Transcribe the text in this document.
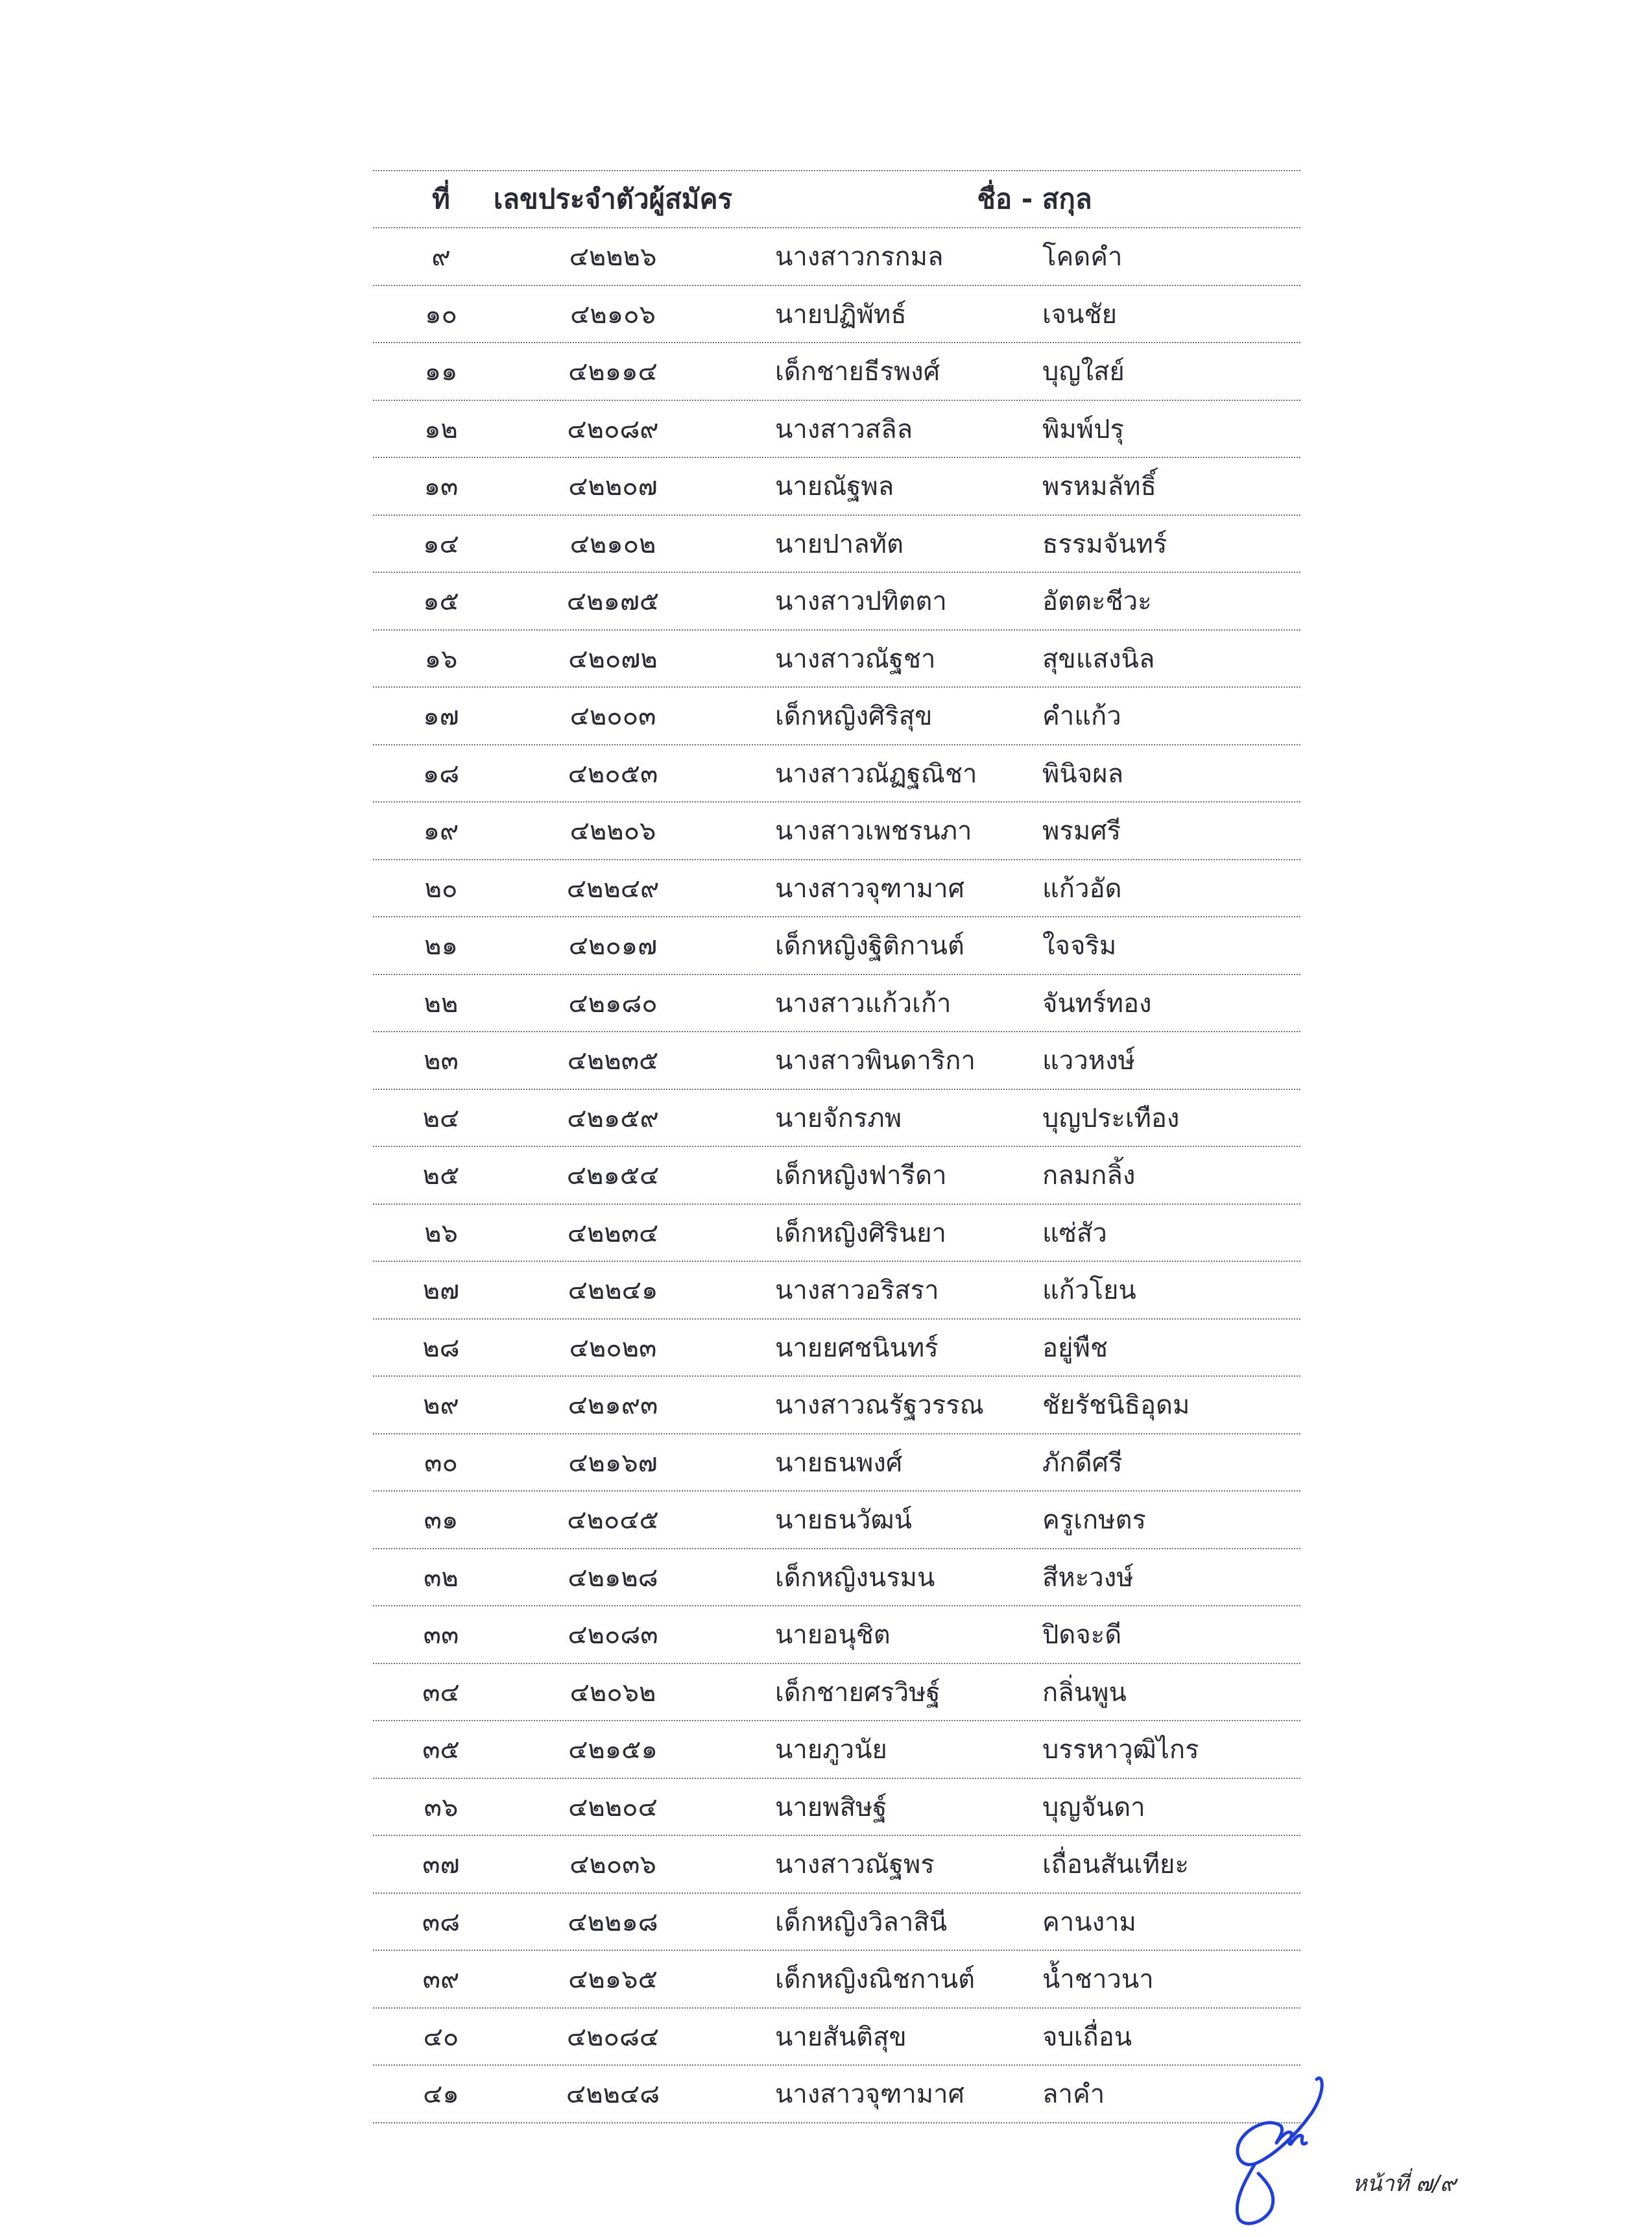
ที่	เลขประจำตัวผู้สมัคร	ชื่อ - สกุล
๙	๔๒๒๒๖	นางสาวกรกมล	โคดคำ
๑๐	๔๒๑๐๖	นายปฏิพัทธ์	เจนชัย
๑๑	๔๒๑๑๔	เด็กชายธีรพงศ์	บุญใสย์
๑๒	๔๒๐๘๙	นางสาวสลิล	พิมพ์ปรุ
๑๓	๔๒๒๐๗	นายณัฐพล	พรหมลัทธิ์
๑๔	๔๒๑๐๒	นายปาลทัต	ธรรมจันทร์
๑๕	๔๒๑๗๕	นางสาวปทิตตา	อัตตะชีวะ
๑๖	๔๒๐๗๒	นางสาวณัฐชา	สุขแสงนิล
๑๗	๔๒๐๐๓	เด็กหญิงศิริสุข	คำแก้ว
๑๘	๔๒๐๕๓	นางสาวณัฏฐณิชา	พินิจผล
๑๙	๔๒๒๐๖	นางสาวเพชรนภา	พรมศรี
๒๐	๔๒๒๔๙	นางสาวจุฑามาศ	แก้วอัด
๒๑	๔๒๐๑๗	เด็กหญิงฐิติกานต์	ใจจริม
๒๒	๔๒๑๘๐	นางสาวแก้วเก้า	จันทร์ทอง
๒๓	๔๒๒๓๕	นางสาวพินดาริกา	แววหงษ์
๒๔	๔๒๑๕๙	นายจักรภพ	บุญประเทือง
๒๕	๔๒๑๕๔	เด็กหญิงฟารีดา	กลมกลิ้ง
๒๖	๔๒๒๓๔	เด็กหญิงศิรินยา	แซ่สัว
๒๗	๔๒๒๔๑	นางสาวอริสรา	แก้วโยน
๒๘	๔๒๐๒๓	นายยศชนินทร์	อยู่พืช
๒๙	๔๒๑๙๓	นางสาวณรัฐวรรณ	ชัยรัชนิธิอุดม
๓๐	๔๒๑๖๗	นายธนพงศ์	ภักดีศรี
๓๑	๔๒๐๔๕	นายธนวัฒน์	ครูเกษตร
๓๒	๔๒๑๒๘	เด็กหญิงนรมน	สีหะวงษ์
๓๓	๔๒๐๘๓	นายอนุชิต	ปิดจะดี
๓๔	๔๒๐๖๒	เด็กชายศรวิษฐ์	กลิ่นพูน
๓๕	๔๒๑๕๑	นายภูวนัย	บรรหาวุฒิไกร
๓๖	๔๒๒๐๔	นายพสิษฐ์	บุญจันดา
๓๗	๔๒๐๓๖	นางสาวณัฐพร	เถื่อนสันเทียะ
๓๘	๔๒๒๑๘	เด็กหญิงวิลาสินี	คานงาม
๓๙	๔๒๑๖๕	เด็กหญิงณิชกานต์	น้ำชาวนา
๔๐	๔๒๐๘๔	นายสันติสุข	จบเถื่อน
๔๑	๔๒๒๔๘	นางสาวจุฑามาศ	ลาคำ
หน้าที่ ๗/๙
